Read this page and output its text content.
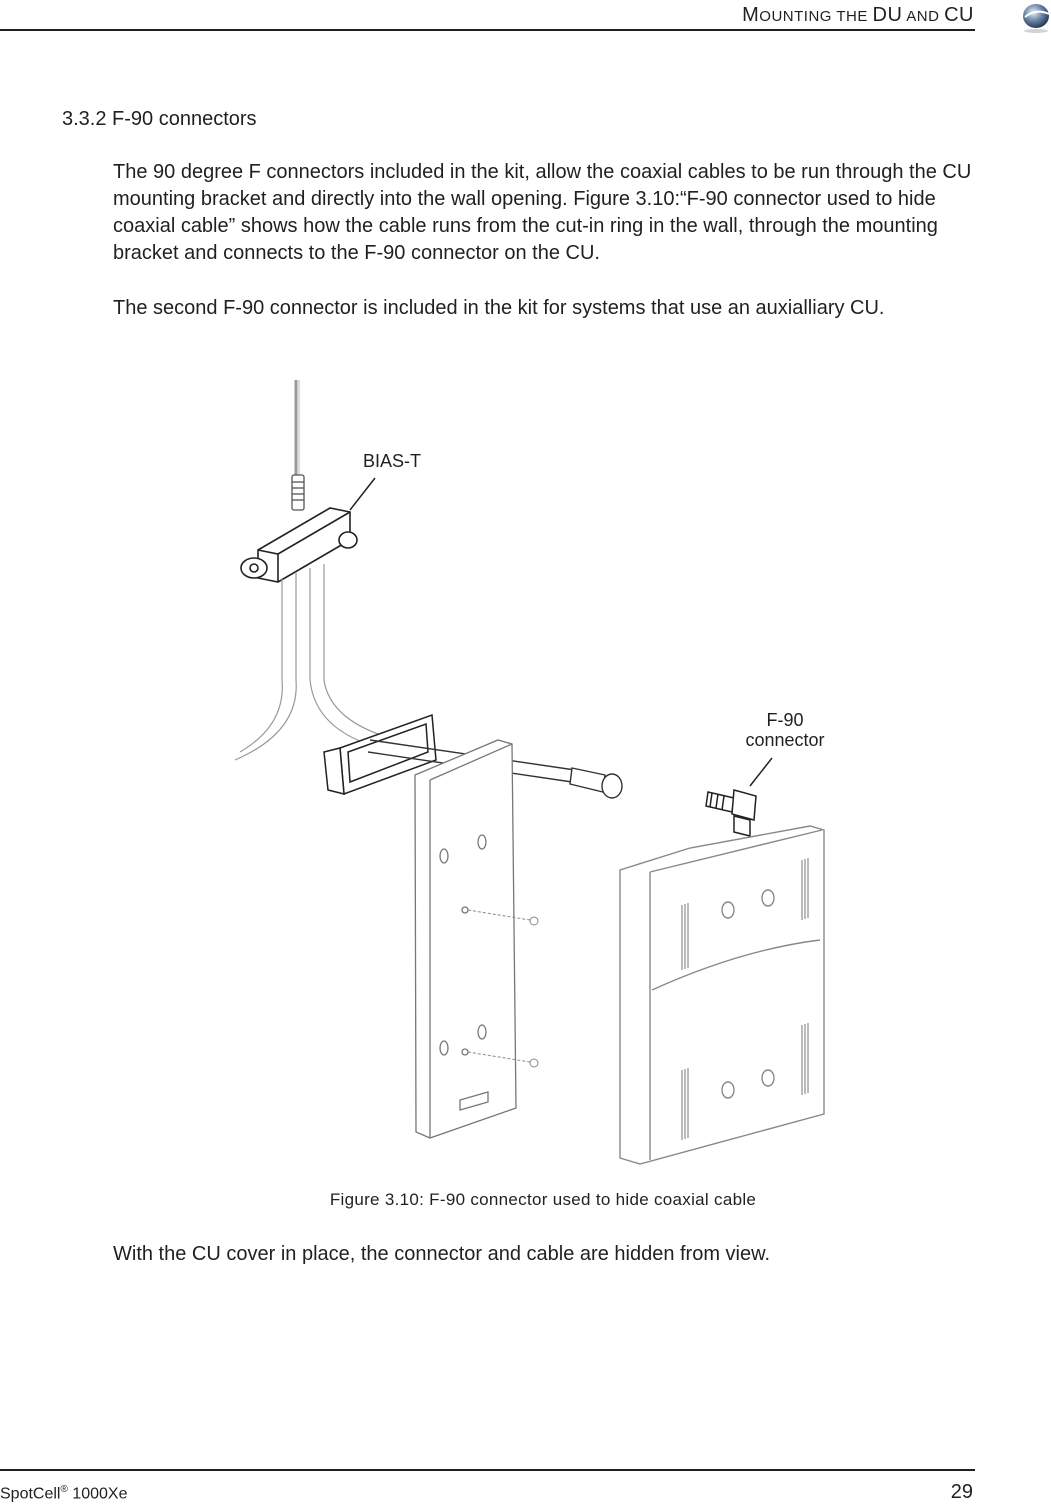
MOUNTING THE DU AND CU
3.3.2 F-90 connectors

The 90 degree F connectors included in the kit, allow the coaxial cables to be run through the CU mounting bracket and directly into the wall opening. Figure 3.10:“F-90 connector used to hide coaxial cable” shows how the cable runs from the cut-in ring in the wall, through the mounting bracket and connects to the F-90 connector on the CU.

The second F-90 connector is included in the kit for systems that use an auxialliary CU.

BIAS-T
F-90
connector
Figure 3.10: F-90 connector used to hide coaxial cable

With the CU cover in place, the connector and cable are hidden from view.

SpotCell® 1000Xe	29
